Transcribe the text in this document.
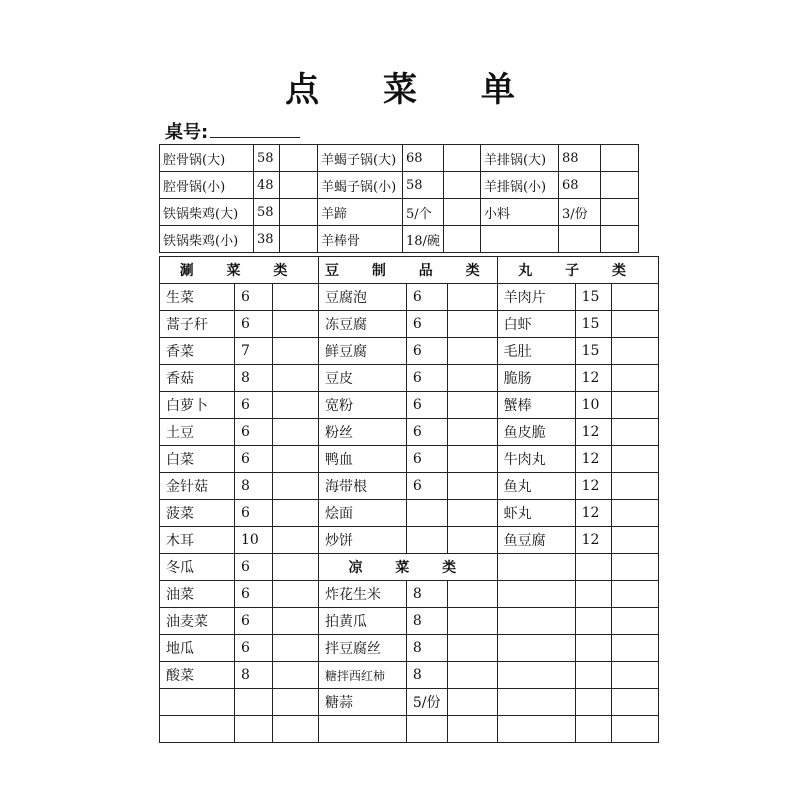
点 菜 单
桌号:
腔骨锅(大)	58		羊蝎子锅(大)	68		羊排锅(大)	88	
腔骨锅(小)	48		羊蝎子锅(小)	58		羊排锅(小)	68	
铁锅柴鸡(大)	58		羊蹄	5/个		小料	3/份	
铁锅柴鸡(小)	38		羊棒骨	18/碗				
涮 菜 类			豆 制 品 类			丸 子 类		
生菜	6		豆腐泡	6		羊肉片	15	
蒿子秆	6		冻豆腐	6		白虾	15	
香菜	7		鲜豆腐	6		毛肚	15	
香菇	8		豆皮	6		脆肠	12	
白萝卜	6		宽粉	6		蟹棒	10	
土豆	6		粉丝	6		鱼皮脆	12	
白菜	6		鸭血	6		牛肉丸	12	
金针菇	8		海带根	6		鱼丸	12	
菠菜	6		烩面			虾丸	12	
木耳	10		炒饼			鱼豆腐	12	
冬瓜	6		凉 菜 类					
油菜	6		炸花生米	8				
油麦菜	6		拍黄瓜	8				
地瓜	6		拌豆腐丝	8				
酸菜	8		糖拌西红柿	8				
			糖蒜	5/份				
